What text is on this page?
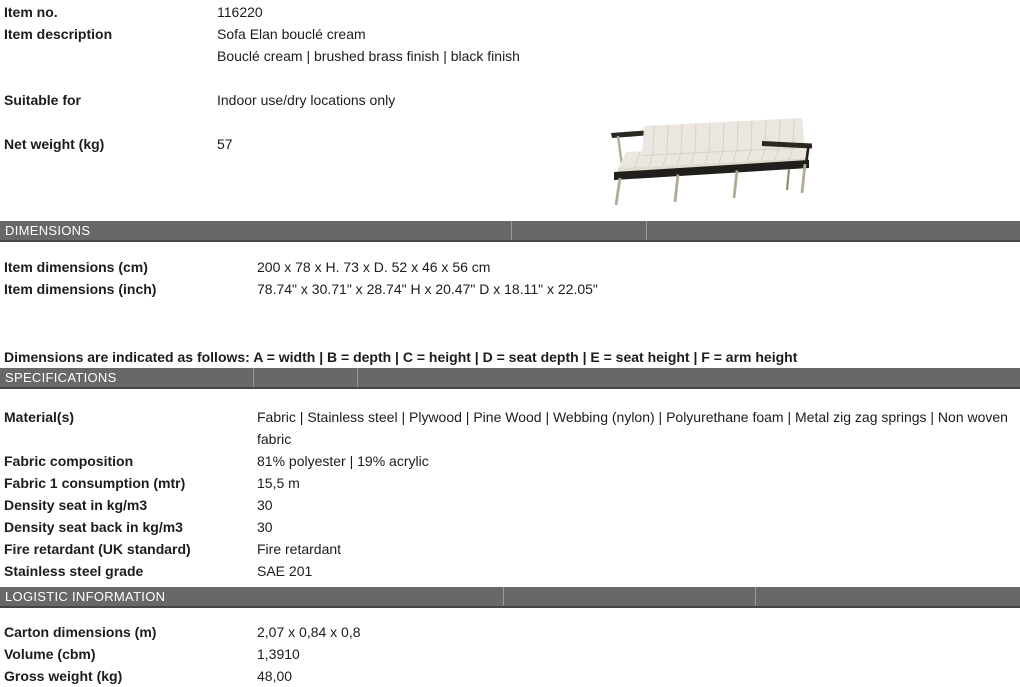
Item no.	116220
Item description	Sofa Elan bouclé cream
Bouclé cream | brushed brass finish | black finish
Suitable for	Indoor use/dry locations only
Net weight (kg)	57
DIMENSIONS
Item dimensions (cm)	200 x 78 x H. 73 x D. 52 x 46 x 56 cm
Item dimensions (inch)	78.74" x 30.71" x 28.74" H x 20.47" D x 18.11" x 22.05"
Dimensions are indicated as follows: A = width | B = depth | C = height | D = seat depth | E = seat height | F = arm height
SPECIFICATIONS
Material(s)	Fabric | Stainless steel | Plywood | Pine Wood | Webbing (nylon) | Polyurethane foam | Metal zig zag springs | Non woven fabric
Fabric composition	81% polyester | 19% acrylic
Fabric 1 consumption (mtr)	15,5 m
Density seat in kg/m3	30
Density seat back in kg/m3	30
Fire retardant (UK standard)	Fire retardant
Stainless steel grade	SAE 201
LOGISTIC INFORMATION
Carton dimensions (m)	2,07 x 0,84 x 0,8
Volume (cbm)	1,3910
Gross weight (kg)	48,00
